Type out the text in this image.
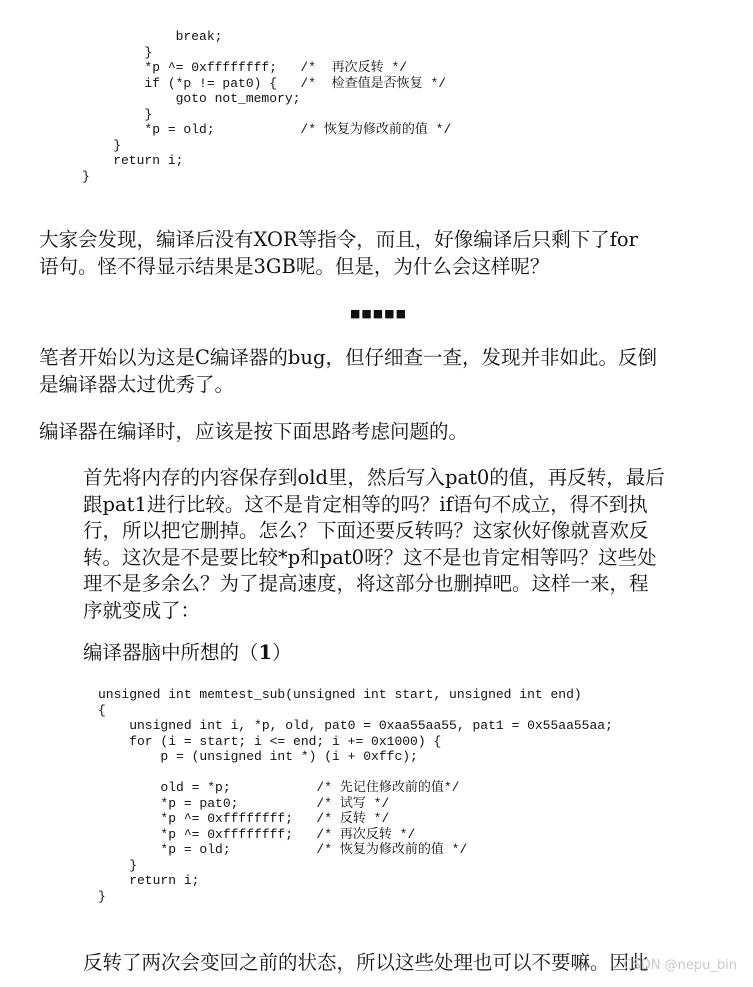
break;
}
*p ^= 0xffffffff;   /*  再次反转 */
if (*p != pat0) {   /*  检查值是否恢复 */
goto not_memory;
}
*p = old;           /* 恢复为修改前的值 */
}
return i;
}
大家会发现，编译后没有XOR等指令，而且，好像编译后只剩下了for
语句。怪不得显示结果是3GB呢。但是，为什么会这样呢？
■■■■■
笔者开始以为这是C编译器的bug，但仔细查一查，发现并非如此。反倒
是编译器太过优秀了。
编译器在编译时，应该是按下面思路考虑问题的。
首先将内存的内容保存到old里，然后写入pat0的值，再反转，最后
跟pat1进行比较。这不是肯定相等的吗？if语句不成立，得不到执
行，所以把它删掉。怎么？下面还要反转吗？这家伙好像就喜欢反
转。这次是不是要比较*p和pat0呀？这不是也肯定相等吗？这些处
理不是多余么？为了提高速度，将这部分也删掉吧。这样一来，程
序就变成了：
编译器脑中所想的（1）
unsigned int memtest_sub(unsigned int start, unsigned int end)
{
unsigned int i, *p, old, pat0 = 0xaa55aa55, pat1 = 0x55aa55aa;
for (i = start; i <= end; i += 0x1000) {
p = (unsigned int *) (i + 0xffc);
old = *p;           /* 先记住修改前的值*/
*p = pat0;          /* 试写 */
*p ^= 0xffffffff;   /* 反转 */
*p ^= 0xffffffff;   /* 再次反转 */
*p = old;           /* 恢复为修改前的值 */
}
return i;
}
反转了两次会变回之前的状态，所以这些处理也可以不要嘛。因此
CSDN @nepu_bin
